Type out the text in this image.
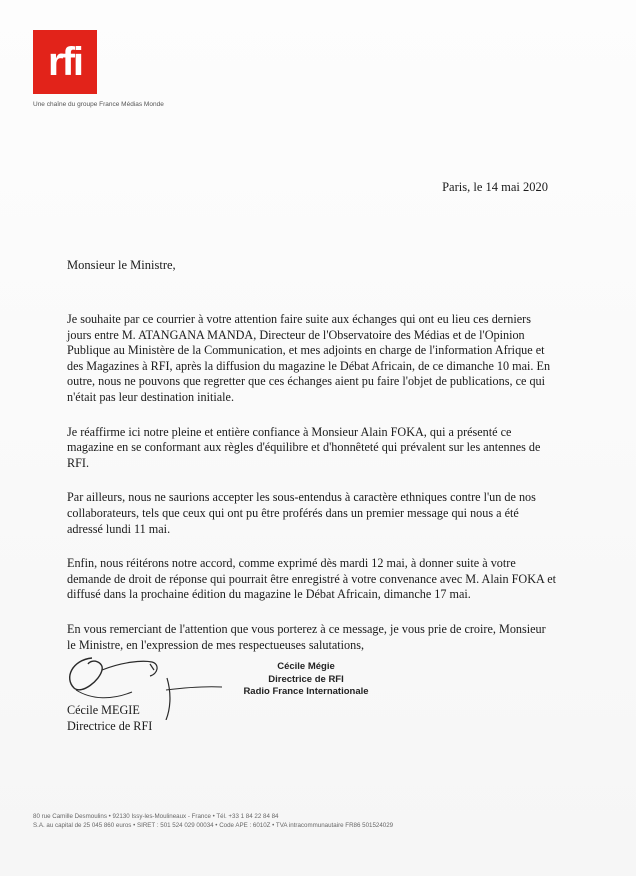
rfi
Une chaîne du groupe France Médias Monde
Paris, le 14 mai 2020
Monsieur le Ministre,

Je souhaite par ce courrier à votre attention faire suite aux échanges qui ont eu lieu ces derniers jours entre M. ATANGANA MANDA, Directeur de l'Observatoire des Médias et de l'Opinion Publique au Ministère de la Communication, et mes adjoints en charge de l'information Afrique et des Magazines à RFI, après la diffusion du magazine le Débat Africain, de ce dimanche 10 mai. En outre, nous ne pouvons que regretter que ces échanges aient pu faire l'objet de publications, ce qui n'était pas leur destination initiale.

Je réaffirme ici notre pleine et entière confiance à Monsieur Alain FOKA, qui a présenté ce magazine en se conformant aux règles d'équilibre et d'honnêteté qui prévalent sur les antennes de RFI.

Par ailleurs, nous ne saurions accepter les sous-entendus à caractère ethniques contre l'un de nos collaborateurs, tels que ceux qui ont pu être proférés dans un premier message qui nous a été adressé lundi 11 mai.

Enfin, nous réitérons notre accord, comme exprimé dès mardi 12 mai, à donner suite à votre demande de droit de réponse qui pourrait être enregistré à votre convenance avec M. Alain FOKA et diffusé dans la prochaine édition du magazine le Débat Africain, dimanche 17 mai.

En vous remerciant de l'attention que vous porterez à ce message, je vous prie de croire, Monsieur le Ministre, en l'expression de mes respectueuses salutations,

Cécile Mégie
Directrice de RFI
Radio France Internationale
Cécile MEGIE
Directrice de RFI
80 rue Camille Desmoulins • 92130 Issy-les-Moulineaux - France • Tél. +33 1 84 22 84 84
S.A. au capital de 25 045 860 euros • SIRET : 501 524 029 00034 • Code APE : 6010Z • TVA intracommunautaire FR86 501524029
